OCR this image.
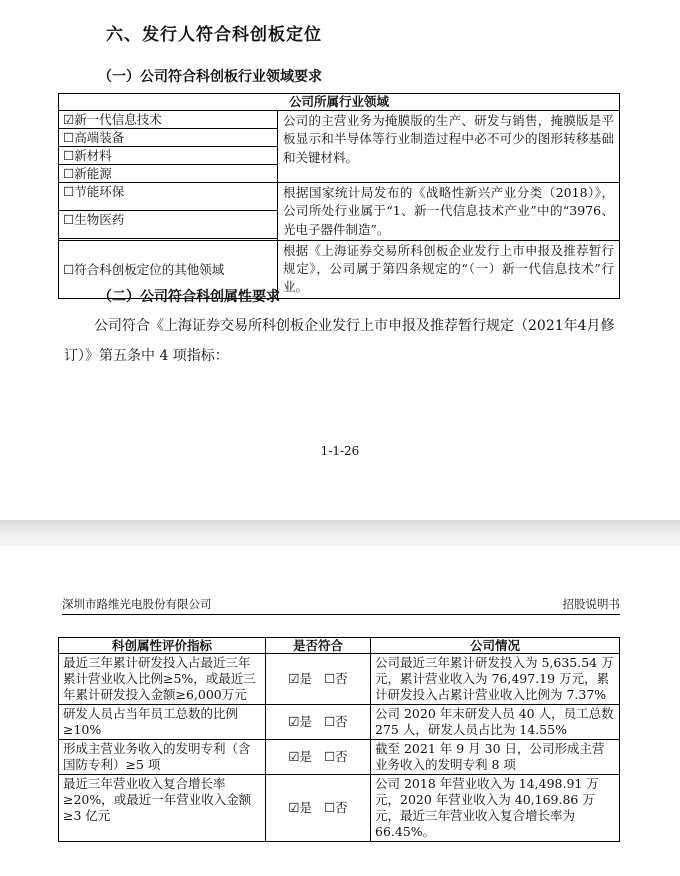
六、发行人符合科创板定位
（一）公司符合科创板行业领域要求
公司所属行业领域	
☑新一代信息技术	公司的主营业务为掩膜版的生产、研发与销售，掩膜版是平板显示和半导体等行业制造过程中必不可少的图形转移基础和关键材料。
☐高端装备	
☐新材料	
☐新能源	
☐节能环保	根据国家统计局发布的《战略性新兴产业分类（2018）》，公司所处行业属于“1、新一代信息技术产业”中的“3976、光电子器件制造”。
☐生物医药	

☐符合科创板定位的其他领域	根据《上海证券交易所科创板企业发行上市申报及推荐暂行规定》，公司属于第四条规定的“（一）新一代信息技术”行业。
（二）公司符合科创属性要求
公司符合《上海证券交易所科创板企业发行上市申报及推荐暂行规定（2021年4月修订）》第五条中 4 项指标：
1-1-26
深圳市路维光电股份有限公司	招股说明书
科创属性评价指标	是否符合	公司情况
最近三年累计研发投入占最近三年累计营业收入比例≥5%，或最近三年累计研发投入金额≥6,000万元	☑是 ☐否	公司最近三年累计研发投入为 5,635.54 万元，累计营业收入为 76,497.19 万元，累计研发投入占累计营业收入比例为 7.37%
研发人员占当年员工总数的比例≥10%	☑是 ☐否	公司 2020 年末研发人员 40 人，员工总数 275 人，研发人员占比为 14.55%
形成主营业务收入的发明专利（含国防专利）≥5 项	☑是 ☐否	截至 2021 年 9 月 30 日，公司形成主营业务收入的发明专利 8 项
最近三年营业收入复合增长率≥20%，或最近一年营业收入金额≥3 亿元	☑是 ☐否	公司 2018 年营业收入为 14,498.91 万元，2020 年营业收入为 40,169.86 万元，最近三年营业收入复合增长率为 66.45%。
